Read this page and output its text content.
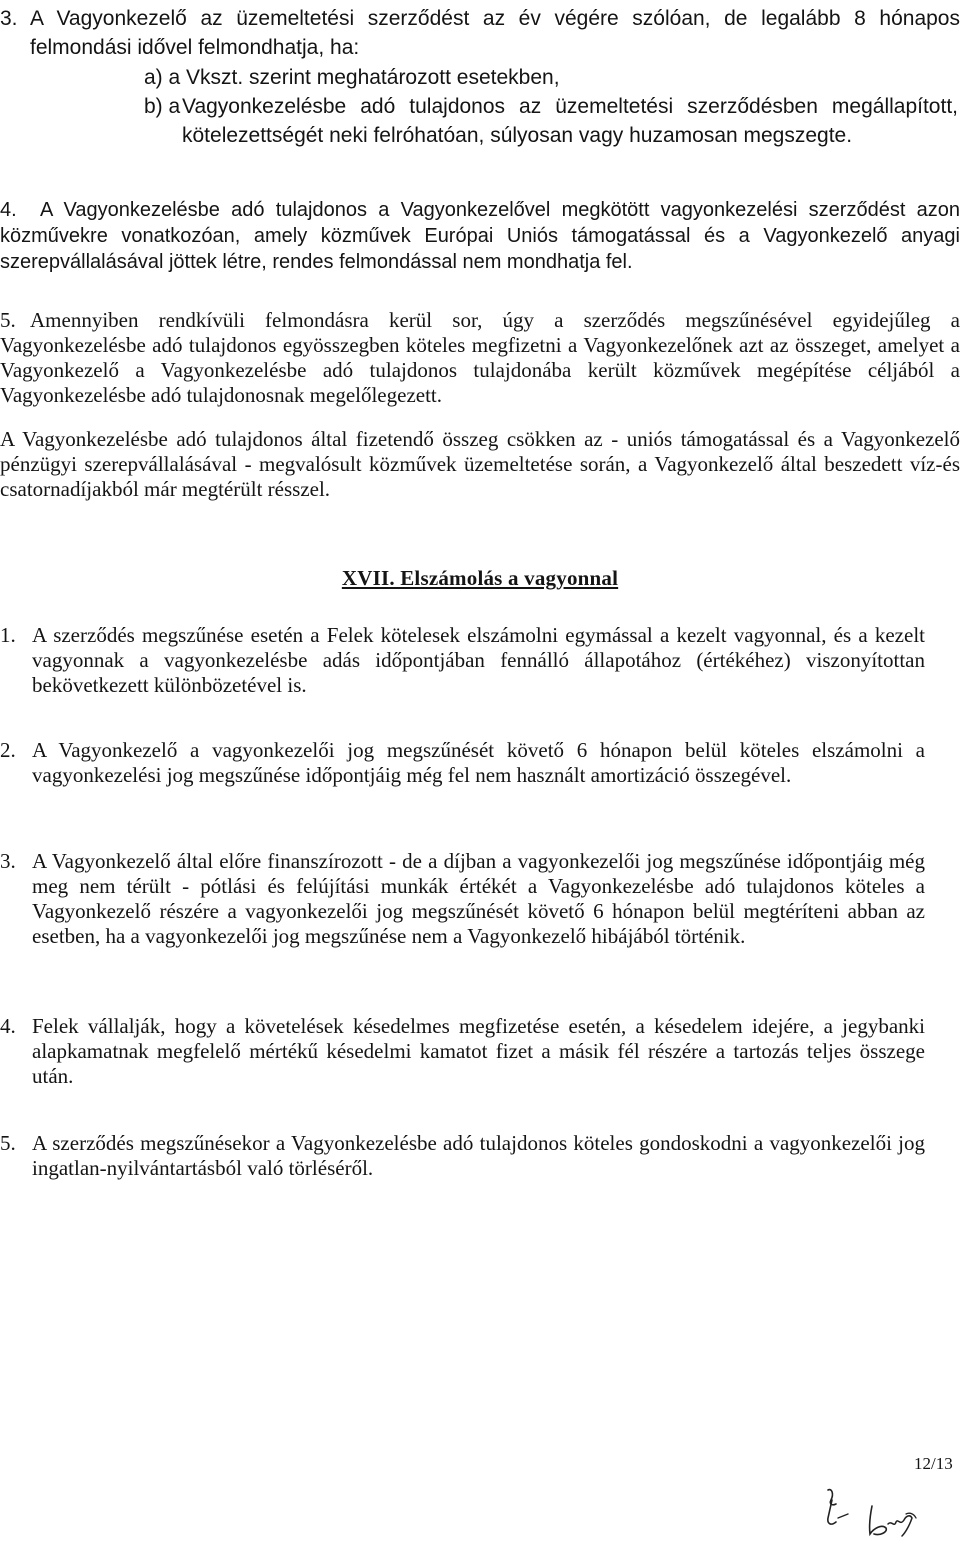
3. A Vagyonkezelő az üzemeltetési szerződést az év végére szólóan, de legalább 8 hónapos felmondási idővel felmondhatja, ha:
a) a Vkszt. szerint meghatározott esetekben,
b) a Vagyonkezelésbe adó tulajdonos az üzemeltetési szerződésben megállapított, kötelezettségét neki felróhatóan, súlyosan vagy huzamosan megszegte.
4.	A Vagyonkezelésbe adó tulajdonos a Vagyonkezelővel megkötött vagyonkezelési szerződést azon közművekre vonatkozóan, amely közművek Európai Uniós támogatással és a Vagyonkezelő anyagi szerepvállalásával jöttek létre, rendes felmondással nem mondhatja fel.
5. Amennyiben rendkívüli felmondásra kerül sor, úgy a szerződés megszűnésével egyidejűleg a Vagyonkezelésbe adó tulajdonos egyösszegben köteles megfizetni a Vagyonkezelőnek azt az összeget, amelyet a Vagyonkezelő a Vagyonkezelésbe adó tulajdonos tulajdonába került közművek megépítése céljából a Vagyonkezelésbe adó tulajdonosnak megelőlegezett.
A Vagyonkezelésbe adó tulajdonos által fizetendő összeg csökken az - uniós támogatással és a Vagyonkezelő pénzügyi szerepvállalásával - megvalósult közművek üzemeltetése során, a Vagyonkezelő által beszedett víz-és csatornadíjakból már megtérült résszel.
XVII. Elszámolás a vagyonnal
1. A szerződés megszűnése esetén a Felek kötelesek elszámolni egymással a kezelt vagyonnal, és a kezelt vagyonnak a vagyonkezelésbe adás időpontjában fennálló állapotához (értékéhez) viszonyítottan bekövetkezett különbözetével is.
2. A Vagyonkezelő a vagyonkezelői jog megszűnését követő 6 hónapon belül köteles elszámolni a vagyonkezelési jog megszűnése időpontjáig még fel nem használt amortizáció összegével.
3. A Vagyonkezelő által előre finanszírozott - de a díjban a vagyonkezelői jog megszűnése időpontjáig még meg nem térült - pótlási és felújítási munkák értékét a Vagyonkezelésbe adó tulajdonos köteles a Vagyonkezelő részére a vagyonkezelői jog megszűnését követő 6 hónapon belül megtéríteni abban az esetben, ha a vagyonkezelői jog megszűnése nem a Vagyonkezelő hibájából történik.
4. Felek vállalják, hogy a követelések késedelmes megfizetése esetén, a késedelem idejére, a jegybanki alapkamatnak megfelelő mértékű késedelmi kamatot fizet a másik fél részére a tartozás teljes összege után.
5. A szerződés megszűnésekor a Vagyonkezelésbe adó tulajdonos köteles gondoskodni a vagyonkezelői jog ingatlan-nyilvántartásból való törléséről.
12/13
